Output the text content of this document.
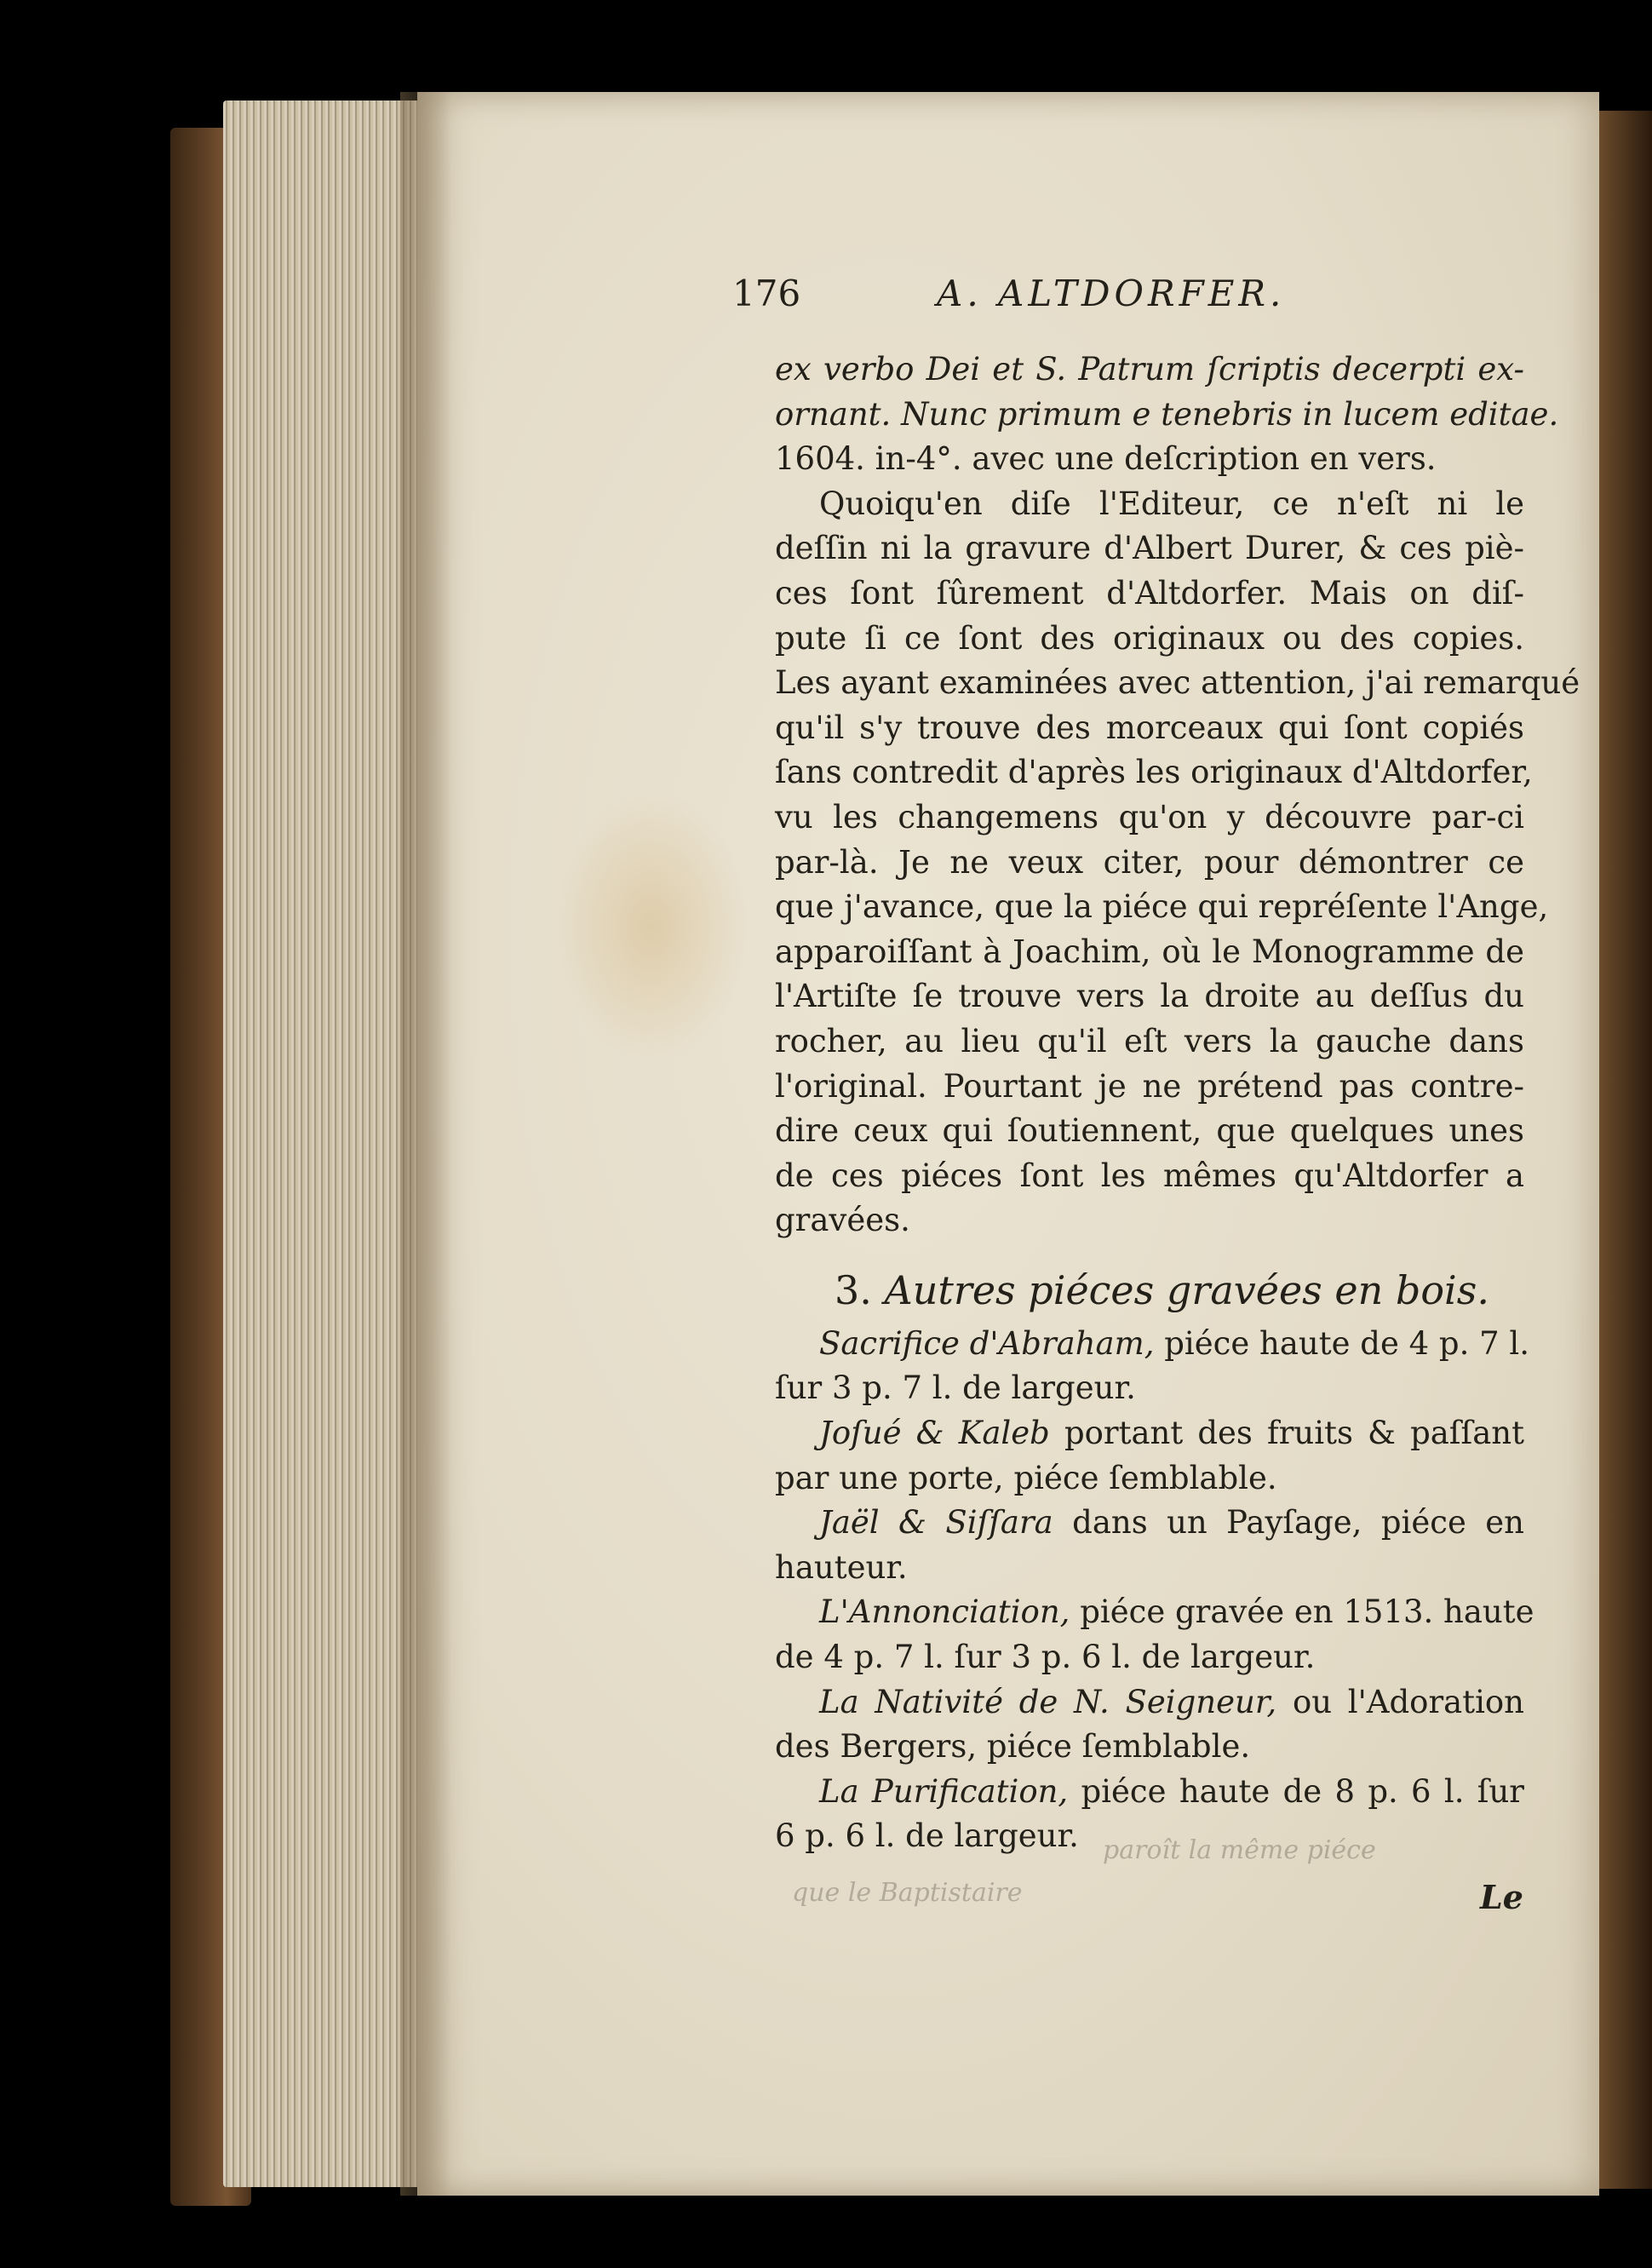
176	A. ALTDORFER.
ex verbo Dei et S. Patrum ſcriptis decerpti ex-
ornant. Nunc primum e tenebris in lucem editae.
1604. in-4°. avec une deſcription en vers.
Quoiqu'en diſe l'Editeur, ce n'eſt ni le
deſſin ni la gravure d'Albert Durer, & ces piè-
ces ſont ſûrement d'Altdorfer. Mais on diſ-
pute ſi ce ſont des originaux ou des copies.
Les ayant examinées avec attention, j'ai remarqué
qu'il s'y trouve des morceaux qui ſont copiés
ſans contredit d'après les originaux d'Altdorfer,
vu les changemens qu'on y découvre par-ci
par-là. Je ne veux citer, pour démontrer ce
que j'avance, que la piéce qui repréſente l'Ange,
apparoiſſant à Joachim, où le Monogramme de
l'Artiſte ſe trouve vers la droite au deſſus du
rocher, au lieu qu'il eſt vers la gauche dans
l'original. Pourtant je ne prétend pas contre-
dire ceux qui ſoutiennent, que quelques unes
de ces piéces ſont les mêmes qu'Altdorfer a
gravées.
3. Autres piéces gravées en bois.
Sacrifice d'Abraham, piéce haute de 4 p. 7 l.
ſur 3 p. 7 l. de largeur.
Joſué & Kaleb portant des fruits & paſſant
par une porte, piéce ſemblable.
Jaël & Siſſara dans un Payſage, piéce en
hauteur.
L'Annonciation, piéce gravée en 1513. haute
de 4 p. 7 l. ſur 3 p. 6 l. de largeur.
La Nativité de N. Seigneur, ou l'Adoration
des Bergers, piéce ſemblable.
La Purification, piéce haute de 8 p. 6 l. ſur
6 p. 6 l. de largeur. paroît la même piéce
que le Baptistaire	Le
